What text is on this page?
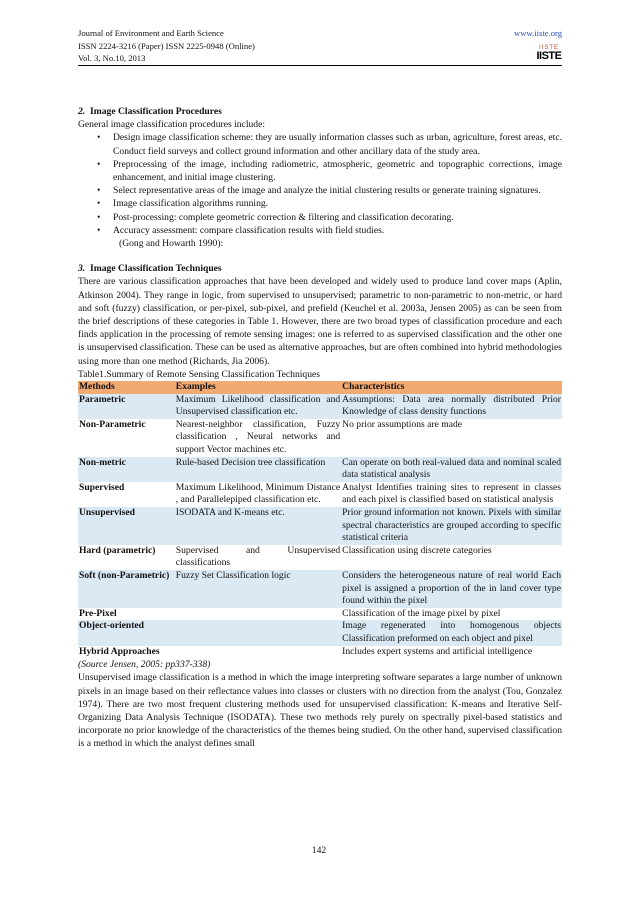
Journal of Environment and Earth Science
ISSN 2224-3216 (Paper) ISSN 2225-0948 (Online)
Vol. 3, No.10, 2013
www.iiste.org
IISTE
IISTE
2. Image Classification Procedures

General image classification procedures include:

• Design image classification scheme: they are usually information classes such as urban, agriculture, forest areas, etc. Conduct field surveys and collect ground information and other ancillary data of the study area.
• Preprocessing of the image, including radiometric, atmospheric, geometric and topographic corrections, image enhancement, and initial image clustering.
• Select representative areas of the image and analyze the initial clustering results or generate training signatures.
• Image classification algorithms running.
• Post-processing: complete geometric correction & filtering and classification decorating.
• Accuracy assessment: compare classification results with field studies.
(Gong and Howarth 1990):
3. Image Classification Techniques

There are various classification approaches that have been developed and widely used to produce land cover maps (Aplin, Atkinson 2004). They range in logic, from supervised to unsupervised; parametric to non-parametric to non-metric, or hard and soft (fuzzy) classification, or per-pixel, sub-pixel, and prefield (Keuchel et al. 2003a, Jensen 2005) as can be seen from the brief descriptions of these categories in Table 1. However, there are two broad types of classification procedure and each finds application in the processing of remote sensing images: one is referred to as supervised classification and the other one is unsupervised classification. These can be used as alternative approaches, but are often combined into hybrid methodologies using more than one method (Richards, Jia 2006).

Table1.Summary of Remote Sensing Classification Techniques
Methods	Examples	Characteristics
Parametric	Maximum Likelihood classification and Unsupervised classification etc.	Assumptions: Data area normally distributed Prior Knowledge of class density functions
Non-Parametric	Nearest-neighbor classification, Fuzzy classification , Neural networks and support Vector machines etc.	No prior assumptions are made
Non-metric	Rule-based Decision tree classification	Can operate on both real-valued data and nominal scaled data statistical analysis
Supervised	Maximum Likelihood, Minimum Distance , and Parallelepiped classification etc.	Analyst Identifies training sites to represent in classes and each pixel is classified based on statistical analysis
Unsupervised	ISODATA and K-means etc.	Prior ground information not known. Pixels with similar spectral characteristics are grouped according to specific statistical criteria
Hard (parametric)	Supervised and Unsupervised classifications	Classification using discrete categories
Soft (non-Parametric)	Fuzzy Set Classification logic	Considers the heterogeneous nature of real world Each pixel is assigned a proportion of the in land cover type found within the pixel
Pre-Pixel		Classification of the image pixel by pixel
Object-oriented		Image regenerated into homogenous objects Classification preformed on each object and pixel
Hybrid Approaches		Includes expert systems and artificial intelligence
(Source Jensen, 2005: pp337-338)

Unsupervised image classification is a method in which the image interpreting software separates a large number of unknown pixels in an image based on their reflectance values into classes or clusters with no direction from the analyst (Tou, Gonzalez 1974). There are two most frequent clustering methods used for unsupervised classification: K-means and Iterative Self-Organizing Data Analysis Technique (ISODATA). These two methods rely purely on spectrally pixel-based statistics and incorporate no prior knowledge of the characteristics of the themes being studied. On the other hand, supervised classification is a method in which the analyst defines small

142
